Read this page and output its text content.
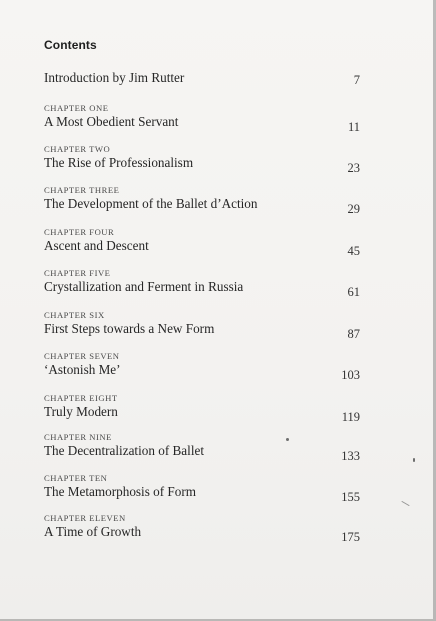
Contents
Introduction by Jim Rutter	7
CHAPTER ONE
A Most Obedient Servant	11
CHAPTER TWO
The Rise of Professionalism	23
CHAPTER THREE
The Development of the Ballet d’Action	29
CHAPTER FOUR
Ascent and Descent	45
CHAPTER FIVE
Crystallization and Ferment in Russia	61
CHAPTER SIX
First Steps towards a New Form	87
CHAPTER SEVEN
‘Astonish Me’	103
CHAPTER EIGHT
Truly Modern	119
CHAPTER NINE
The Decentralization of Ballet	133
CHAPTER TEN
The Metamorphosis of Form	155
CHAPTER ELEVEN
A Time of Growth	175
